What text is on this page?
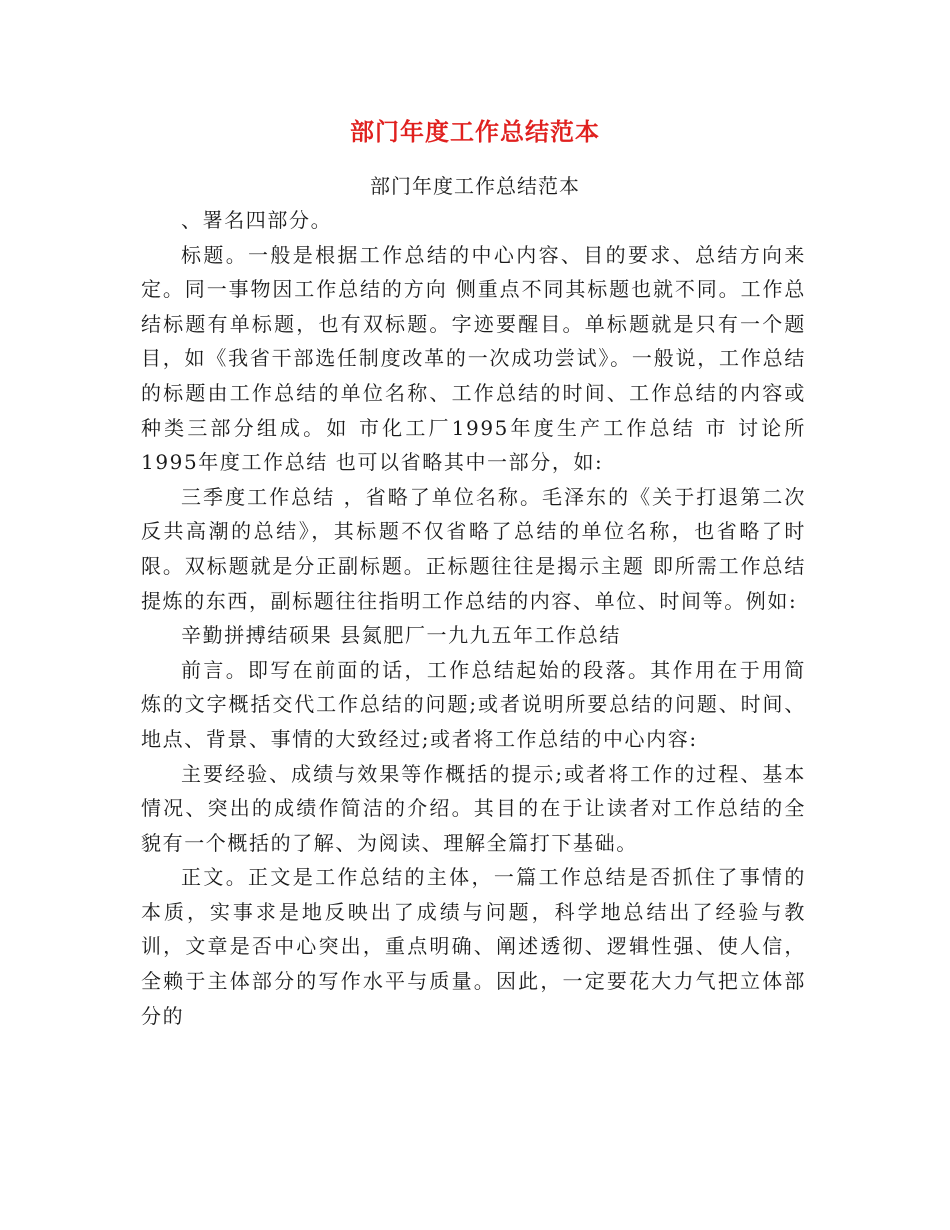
部门年度工作总结范本
部门年度工作总结范本

、署名四部分。

标题。一般是根据工作总结的中心内容、目的要求、总结方向来定。同一事物因工作总结的方向 侧重点不同其标题也就不同。工作总结标题有单标题，也有双标题。字迹要醒目。单标题就是只有一个题目，如《我省干部选任制度改革的一次成功尝试》。一般说，工作总结的标题由工作总结的单位名称、工作总结的时间、工作总结的内容或种类三部分组成。如 市化工厂1995年度生产工作总结 市 讨论所1995年度工作总结 也可以省略其中一部分，如:

三季度工作总结 ，省略了单位名称。毛泽东的《关于打退第二次反共高潮的总结》，其标题不仅省略了总结的单位名称，也省略了时限。双标题就是分正副标题。正标题往往是揭示主题 即所需工作总结提炼的东西，副标题往往指明工作总结的内容、单位、时间等。例如:

辛勤拼搏结硕果 县氮肥厂一九九五年工作总结

前言。即写在前面的话，工作总结起始的段落。其作用在于用简炼的文字概括交代工作总结的问题;或者说明所要总结的问题、时间、地点、背景、事情的大致经过;或者将工作总结的中心内容:

主要经验、成绩与效果等作概括的提示;或者将工作的过程、基本情况、突出的成绩作简洁的介绍。其目的在于让读者对工作总结的全貌有一个概括的了解、为阅读、理解全篇打下基础。

正文。正文是工作总结的主体，一篇工作总结是否抓住了事情的本质，实事求是地反映出了成绩与问题，科学地总结出了经验与教训，文章是否中心突出，重点明确、阐述透彻、逻辑性强、使人信，全赖于主体部分的写作水平与质量。因此，一定要花大力气把立体部分的
